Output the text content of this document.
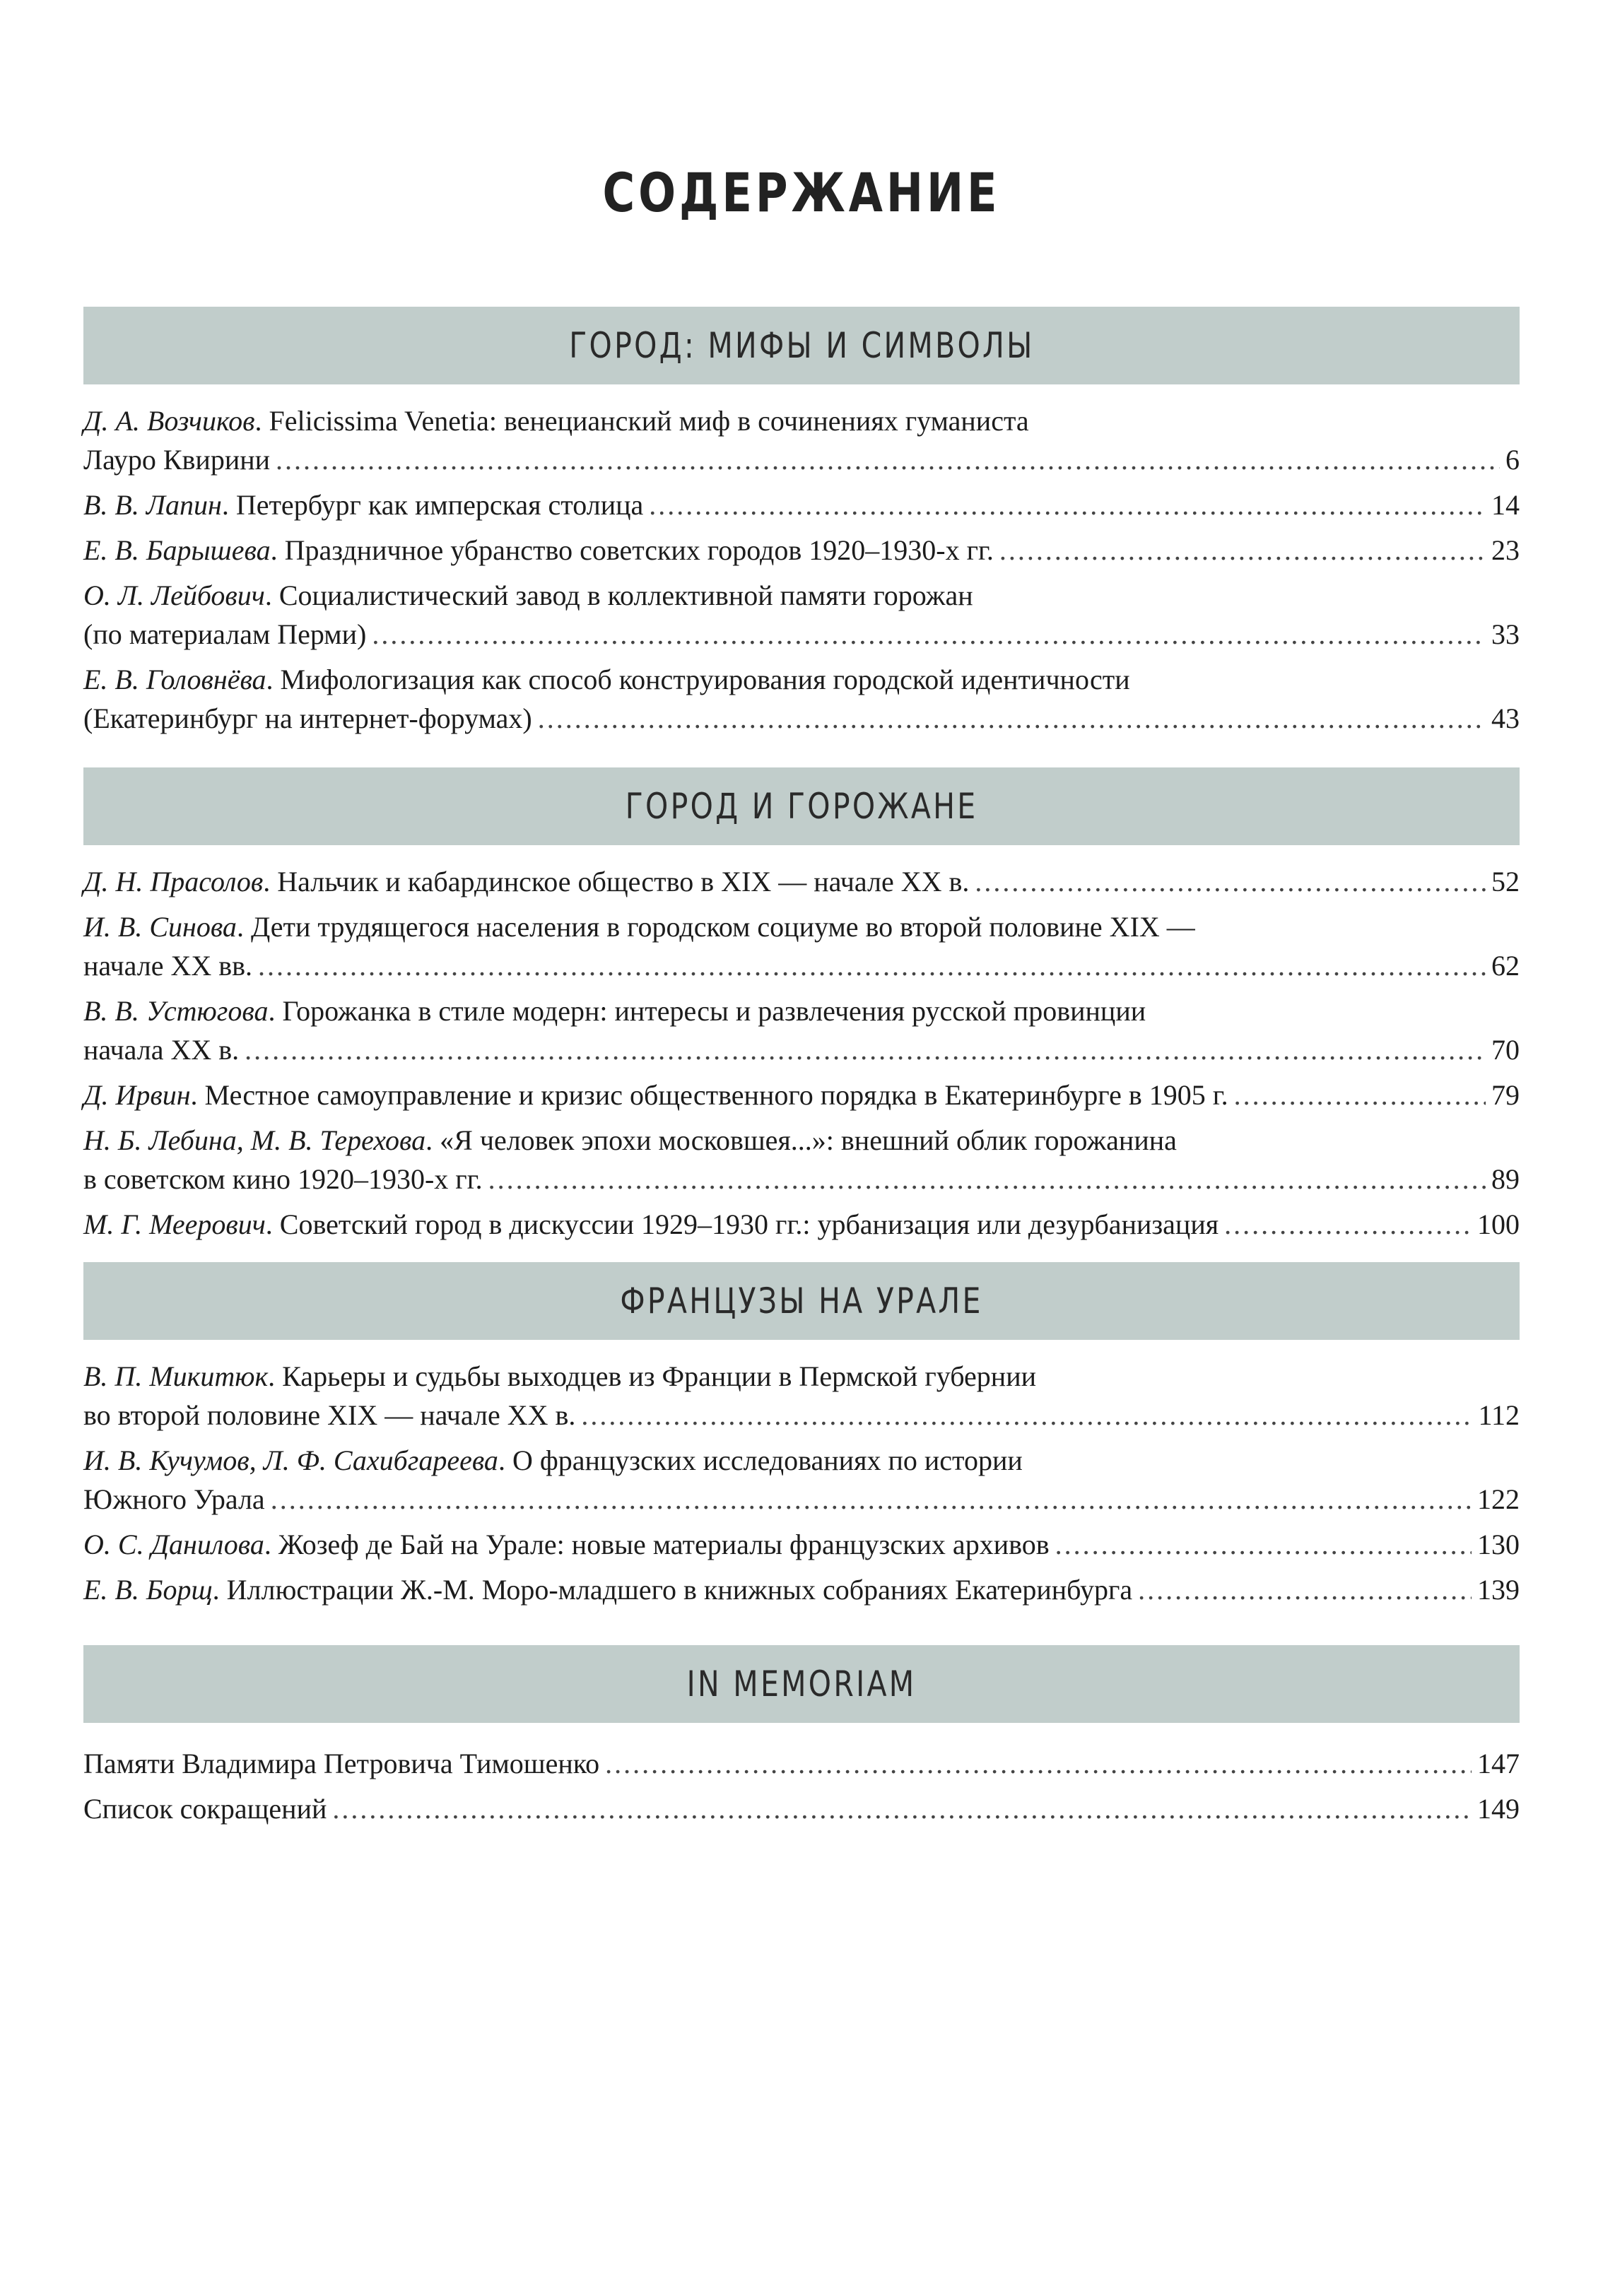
СОДЕРЖАНИЕ
ГОРОД: МИФЫ И СИМВОЛЫ
Д. А. Возчиков. Felicissima Venetia: венецианский миф в сочинениях гуманиста
Лауро Квирини .....	6
В. В. Лапин . Петербург как имперская столица .....	14
Е. В. Барышева . Праздничное убранство советских городов 1920–1930-х гг. .....	23
О. Л. Лейбович. Социалистический завод в коллективной памяти горожан
(по материалам Перми) .....	33
Е. В. Головнёва. Мифологизация как способ конструирования городской идентичности
(Екатеринбург на интернет-форумах) .....	43
ГОРОД И ГОРОЖАНЕ
Д. Н. Прасолов . Нальчик и кабардинское общество в XIX — начале XX в. .....	52
И. В. Синова. Дети трудящегося населения в городском социуме во второй половине XIX —
начале XX вв. .....	62
В. В. Устюгова. Горожанка в стиле модерн: интересы и развлечения русской провинции
начала XX в. .....	70
Д. Ирвин . Местное самоуправление и кризис общественного порядка в Екатеринбурге в 1905 г. .....	79
Н. Б. Лебина, М. В. Терехова. «Я человек эпохи московшея...»: внешний облик горожанина
в советском кино 1920–1930-х гг. .....	89
М. Г. Меерович . Советский город в дискуссии 1929–1930 гг.: урбанизация или дезурбанизация .....	100
ФРАНЦУЗЫ НА УРАЛЕ
В. П. Микитюк. Карьеры и судьбы выходцев из Франции в Пермской губернии
во второй половине XIX — начале XX в. .....	112
И. В. Кучумов, Л. Ф. Сахибгареева. О французских исследованиях по истории
Южного Урала .....	122
О. С. Данилова . Жозеф де Бай на Урале: новые материалы французских архивов .....	130
Е. В. Борщ . Иллюстрации Ж.-М. Моро-младшего в книжных собраниях Екатеринбурга .....	139
IN MEMORIAM
Памяти Владимира Петровича Тимошенко .....	147
Список сокращений .....	149
